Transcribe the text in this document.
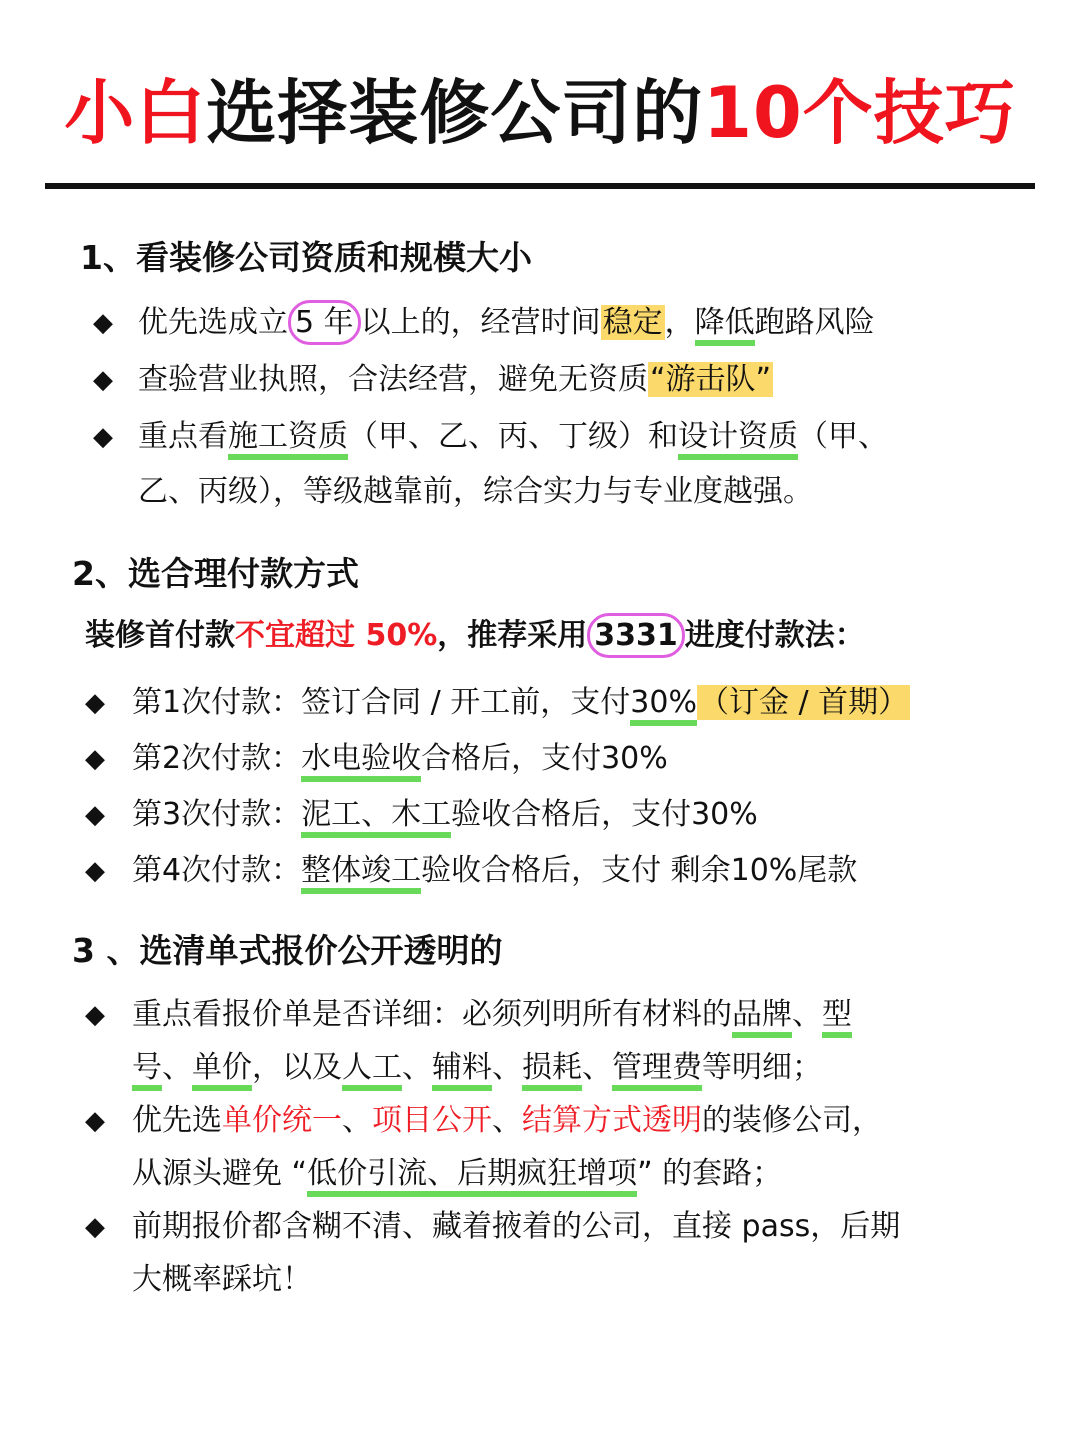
小白选择装修公司的10个技巧
1、看装修公司资质和规模大小
◆ 优先选成立 5 年 以上的，经营时间稳定，降低跑路风险
◆ 查验营业执照，合法经营，避免无资质“游击队”
◆ 重点看施工资质（甲、乙、丙、丁级）和设计资质（甲、
乙、丙级），等级越靠前，综合实力与专业度越强。
2、选合理付款方式
装修首付款不宜超过 50%，推荐采用 3331 进度付款法：
◆ 第1次付款：签订合同 / 开工前，支付30%（订金 / 首期）
◆ 第2次付款：水电验收合格后，支付30%
◆ 第3次付款：泥工、木工验收合格后，支付30%
◆ 第4次付款：整体竣工验收合格后，支付 剩余10%尾款
3 、选清单式报价公开透明的
◆ 重点看报价单是否详细：必须列明所有材料的品牌、型
号、单价，以及人工、辅料、损耗、管理费等明细；
◆ 优先选单价统一、项目公开、结算方式透明的装修公司，
从源头避免 “低价引流、后期疯狂增项” 的套路；
◆ 前期报价都含糊不清、藏着掖着的公司，直接 pass，后期
大概率踩坑！
